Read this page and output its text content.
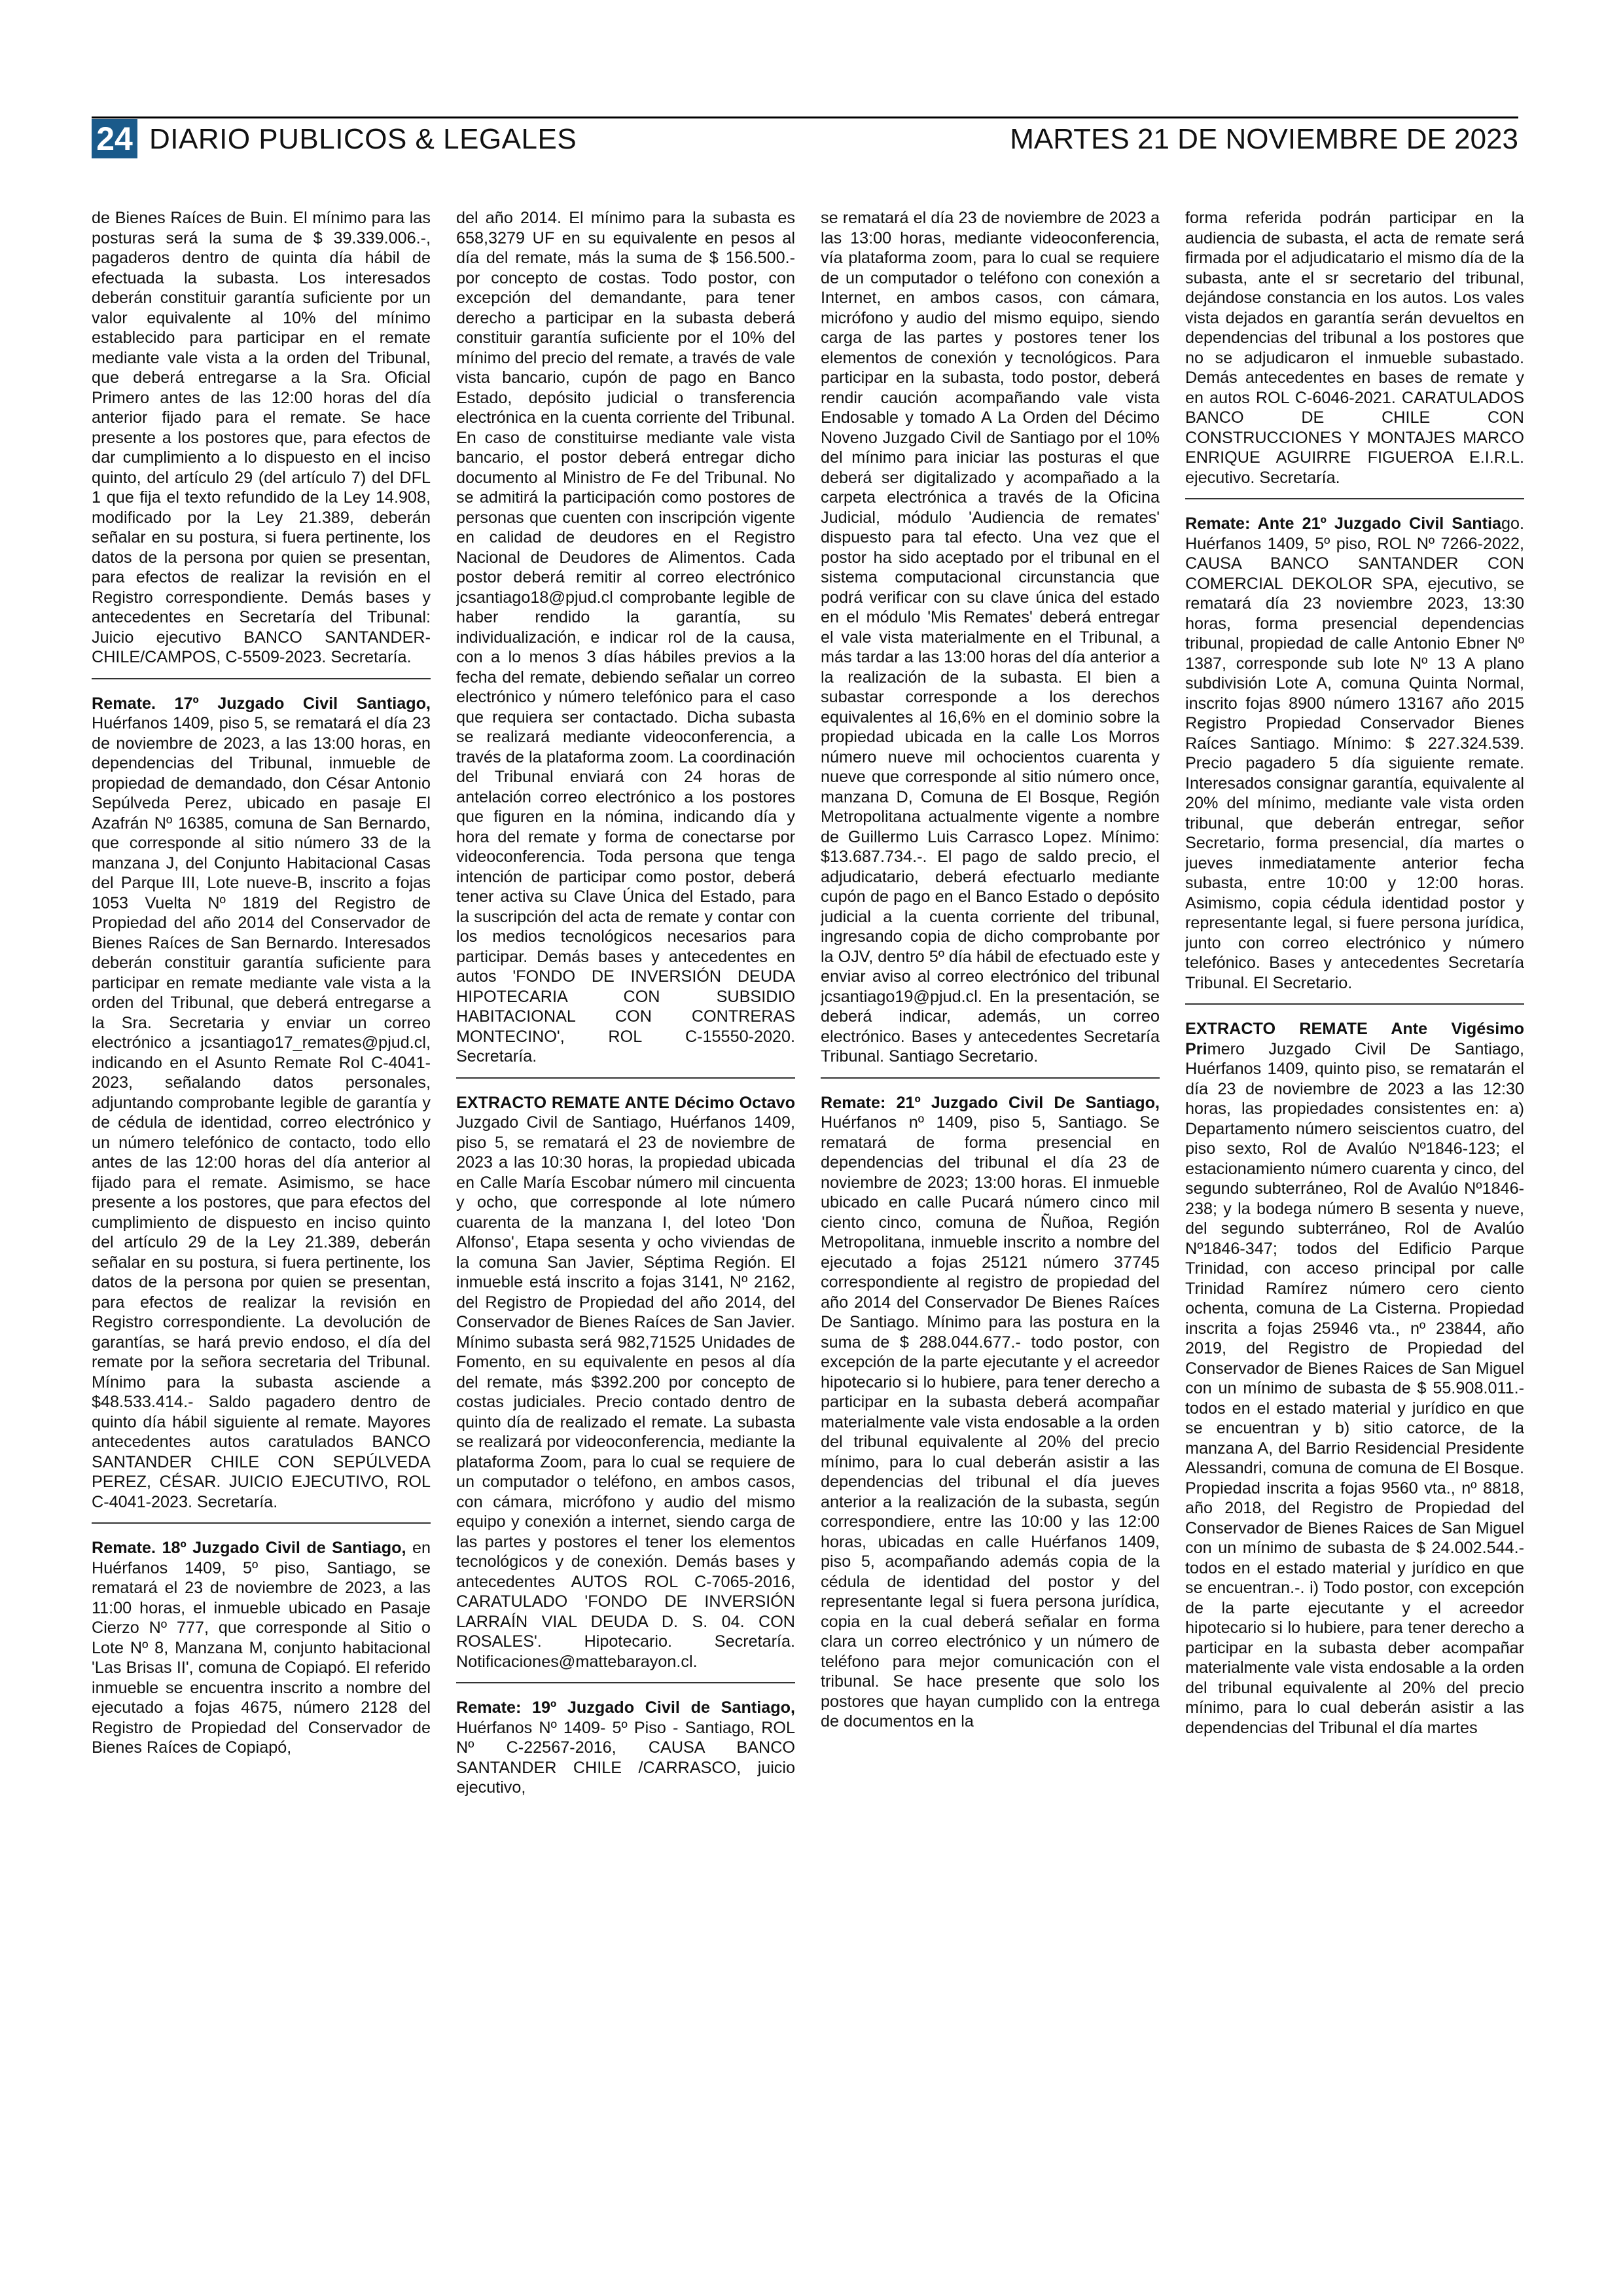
24 DIARIO PUBLICOS & LEGALES	MARTES 21 DE NOVIEMBRE DE 2023

de Bienes Raíces de Buin. El mínimo para las posturas será la suma de $ 39.339.006.-, pagaderos dentro de quinta día hábil de efectuada la subasta. Los interesados deberán constituir garantía suficiente por un valor equivalente al 10% del mínimo establecido para participar en el remate mediante vale vista a la orden del Tribunal, que deberá entregarse a la Sra. Oficial Primero antes de las 12:00 horas del día anterior fijado para el remate. Se hace presente a los postores que, para efectos de dar cumplimiento a lo dispuesto en el inciso quinto, del artículo 29 (del artículo 7) del DFL 1 que fija el texto refundido de la Ley 14.908, modificado por la Ley 21.389, deberán señalar en su postura, si fuera pertinente, los datos de la persona por quien se presentan, para efectos de realizar la revisión en el Registro correspondiente. Demás bases y antecedentes en Secretaría del Tribunal: Juicio ejecutivo BANCO SANTANDER- CHILE/CAMPOS, C-5509-2023. Secretaría.

Remate. 17º Juzgado Civil Santiago, Huérfanos 1409, piso 5, se rematará el día 23 de noviembre de 2023, a las 13:00 horas, en dependencias del Tribunal, inmueble de propiedad de demandado, don César Antonio Sepúlveda Perez, ubicado en pasaje El Azafrán Nº 16385, comuna de San Bernardo, que corresponde al sitio número 33 de la manzana J, del Conjunto Habitacional Casas del Parque III, Lote nueve-B, inscrito a fojas 1053 Vuelta Nº 1819 del Registro de Propiedad del año 2014 del Conservador de Bienes Raíces de San Bernardo. Interesados deberán constituir garantía suficiente para participar en remate mediante vale vista a la orden del Tribunal, que deberá entregarse a la Sra. Secretaria y enviar un correo electrónico a jcsantiago17_remates@pjud.cl, indicando en el Asunto Remate Rol C-4041-2023, señalando datos personales, adjuntando comprobante legible de garantía y de cédula de identidad, correo electrónico y un número telefónico de contacto, todo ello antes de las 12:00 horas del día anterior al fijado para el remate. Asimismo, se hace presente a los postores, que para efectos del cumplimiento de dispuesto en inciso quinto del artículo 29 de la Ley 21.389, deberán señalar en su postura, si fuera pertinente, los datos de la persona por quien se presentan, para efectos de realizar la revisión en Registro correspondiente. La devolución de garantías, se hará previo endoso, el día del remate por la señora secretaria del Tribunal. Mínimo para la subasta asciende a $48.533.414.- Saldo pagadero dentro de quinto día hábil siguiente al remate. Mayores antecedentes autos caratulados BANCO SANTANDER CHILE CON SEPÚLVEDA PEREZ, CÉSAR. JUICIO EJECUTIVO, ROL C-4041-2023. Secretaría.

Remate. 18º Juzgado Civil de Santiago, en Huérfanos 1409, 5º piso, Santiago, se rematará el 23 de noviembre de 2023, a las 11:00 horas, el inmueble ubicado en Pasaje Cierzo Nº 777, que corresponde al Sitio o Lote Nº 8, Manzana M, conjunto habitacional 'Las Brisas II', comuna de Copiapó. El referido inmueble se encuentra inscrito a nombre del ejecutado a fojas 4675, número 2128 del Registro de Propiedad del Conservador de Bienes Raíces de Copiapó,

del año 2014. El mínimo para la subasta es 658,3279 UF en su equivalente en pesos al día del remate, más la suma de $ 156.500.- por concepto de costas. Todo postor, con excepción del demandante, para tener derecho a participar en la subasta deberá constituir garantía suficiente por el 10% del mínimo del precio del remate, a través de vale vista bancario, cupón de pago en Banco Estado, depósito judicial o transferencia electrónica en la cuenta corriente del Tribunal. En caso de constituirse mediante vale vista bancario, el postor deberá entregar dicho documento al Ministro de Fe del Tribunal. No se admitirá la participación como postores de personas que cuenten con inscripción vigente en calidad de deudores en el Registro Nacional de Deudores de Alimentos. Cada postor deberá remitir al correo electrónico jcsantiago18@pjud.cl comprobante legible de haber rendido la garantía, su individualización, e indicar rol de la causa, con a lo menos 3 días hábiles previos a la fecha del remate, debiendo señalar un correo electrónico y número telefónico para el caso que requiera ser contactado. Dicha subasta se realizará mediante videoconferencia, a través de la plataforma zoom. La coordinación del Tribunal enviará con 24 horas de antelación correo electrónico a los postores que figuren en la nómina, indicando día y hora del remate y forma de conectarse por videoconferencia. Toda persona que tenga intención de participar como postor, deberá tener activa su Clave Única del Estado, para la suscripción del acta de remate y contar con los medios tecnológicos necesarios para participar. Demás bases y antecedentes en autos 'FONDO DE INVERSIÓN DEUDA HIPOTECARIA CON SUBSIDIO HABITACIONAL CON CONTRERAS MONTECINO', ROL C-15550-2020. Secretaría.

EXTRACTO REMATE ANTE Décimo Octavo Juzgado Civil de Santiago, Huérfanos 1409, piso 5, se rematará el 23 de noviembre de 2023 a las 10:30 horas, la propiedad ubicada en Calle María Escobar número mil cincuenta y ocho, que corresponde al lote número cuarenta de la manzana I, del loteo 'Don Alfonso', Etapa sesenta y ocho viviendas de la comuna San Javier, Séptima Región. El inmueble está inscrito a fojas 3141, Nº 2162, del Registro de Propiedad del año 2014, del Conservador de Bienes Raíces de San Javier. Mínimo subasta será 982,71525 Unidades de Fomento, en su equivalente en pesos al día del remate, más $392.200 por concepto de costas judiciales. Precio contado dentro de quinto día de realizado el remate. La subasta se realizará por videoconferencia, mediante la plataforma Zoom, para lo cual se requiere de un computador o teléfono, en ambos casos, con cámara, micrófono y audio del mismo equipo y conexión a internet, siendo carga de las partes y postores el tener los elementos tecnológicos y de conexión. Demás bases y antecedentes AUTOS ROL C-7065-2016, CARATULADO 'FONDO DE INVERSIÓN LARRAÍN VIAL DEUDA D. S. 04. CON ROSALES'. Hipotecario. Secretaría. Notificaciones@mattebarayon.cl.

Remate: 19º Juzgado Civil de Santiago, Huérfanos Nº 1409- 5º Piso - Santiago, ROL Nº C-22567-2016, CAUSA BANCO SANTANDER CHILE /CARRASCO, juicio ejecutivo,

se rematará el día 23 de noviembre de 2023 a las 13:00 horas, mediante videoconferencia, vía plataforma zoom, para lo cual se requiere de un computador o teléfono con conexión a Internet, en ambos casos, con cámara, micrófono y audio del mismo equipo, siendo carga de las partes y postores tener los elementos de conexión y tecnológicos. Para participar en la subasta, todo postor, deberá rendir caución acompañando vale vista Endosable y tomado A La Orden del Décimo Noveno Juzgado Civil de Santiago por el 10% del mínimo para iniciar las posturas el que deberá ser digitalizado y acompañado a la carpeta electrónica a través de la Oficina Judicial, módulo 'Audiencia de remates' dispuesto para tal efecto. Una vez que el postor ha sido aceptado por el tribunal en el sistema computacional circunstancia que podrá verificar con su clave única del estado en el módulo 'Mis Remates' deberá entregar el vale vista materialmente en el Tribunal, a más tardar a las 13:00 horas del día anterior a la realización de la subasta. El bien a subastar corresponde a los derechos equivalentes al 16,6% en el dominio sobre la propiedad ubicada en la calle Los Morros número nueve mil ochocientos cuarenta y nueve que corresponde al sitio número once, manzana D, Comuna de El Bosque, Región Metropolitana actualmente vigente a nombre de Guillermo Luis Carrasco Lopez. Mínimo: $13.687.734.-. El pago de saldo precio, el adjudicatario, deberá efectuarlo mediante cupón de pago en el Banco Estado o depósito judicial a la cuenta corriente del tribunal, ingresando copia de dicho comprobante por la OJV, dentro 5º día hábil de efectuado este y enviar aviso al correo electrónico del tribunal jcsantiago19@pjud.cl. En la presentación, se deberá indicar, además, un correo electrónico. Bases y antecedentes Secretaría Tribunal. Santiago Secretario.

Remate: 21º Juzgado Civil De Santiago, Huérfanos nº 1409, piso 5, Santiago. Se rematará de forma presencial en dependencias del tribunal el día 23 de noviembre de 2023; 13:00 horas. El inmueble ubicado en calle Pucará número cinco mil ciento cinco, comuna de Ñuñoa, Región Metropolitana, inmueble inscrito a nombre del ejecutado a fojas 25121 número 37745 correspondiente al registro de propiedad del año 2014 del Conservador De Bienes Raíces De Santiago. Mínimo para las postura en la suma de $ 288.044.677.- todo postor, con excepción de la parte ejecutante y el acreedor hipotecario si lo hubiere, para tener derecho a participar en la subasta deberá acompañar materialmente vale vista endosable a la orden del tribunal equivalente al 20% del precio mínimo, para lo cual deberán asistir a las dependencias del tribunal el día jueves anterior a la realización de la subasta, según correspondiere, entre las 10:00 y las 12:00 horas, ubicadas en calle Huérfanos 1409, piso 5, acompañando además copia de la cédula de identidad del postor y del representante legal si fuera persona jurídica, copia en la cual deberá señalar en forma clara un correo electrónico y un número de teléfono para mejor comunicación con el tribunal. Se hace presente que solo los postores que hayan cumplido con la entrega de documentos en la

forma referida podrán participar en la audiencia de subasta, el acta de remate será firmada por el adjudicatario el mismo día de la subasta, ante el sr secretario del tribunal, dejándose constancia en los autos. Los vales vista dejados en garantía serán devueltos en dependencias del tribunal a los postores que no se adjudicaron el inmueble subastado. Demás antecedentes en bases de remate y en autos ROL C-6046-2021. CARATULADOS BANCO DE CHILE CON CONSTRUCCIONES Y MONTAJES MARCO ENRIQUE AGUIRRE FIGUEROA E.I.R.L. ejecutivo. Secretaría.

Remate: Ante 21º Juzgado Civil Santiago. Huérfanos 1409, 5º piso, ROL Nº 7266-2022, CAUSA BANCO SANTANDER CON COMERCIAL DEKOLOR SPA, ejecutivo, se rematará día 23 noviembre 2023, 13:30 horas, forma presencial dependencias tribunal, propiedad de calle Antonio Ebner Nº 1387, corresponde sub lote Nº 13 A plano subdivisión Lote A, comuna Quinta Normal, inscrito fojas 8900 número 13167 año 2015 Registro Propiedad Conservador Bienes Raíces Santiago. Mínimo: $ 227.324.539. Precio pagadero 5 día siguiente remate. Interesados consignar garantía, equivalente al 20% del mínimo, mediante vale vista orden tribunal, que deberán entregar, señor Secretario, forma presencial, día martes o jueves inmediatamente anterior fecha subasta, entre 10:00 y 12:00 horas. Asimismo, copia cédula identidad postor y representante legal, si fuere persona jurídica, junto con correo electrónico y número telefónico. Bases y antecedentes Secretaría Tribunal. El Secretario.

EXTRACTO REMATE Ante Vigésimo Primero Juzgado Civil De Santiago, Huérfanos 1409, quinto piso, se rematarán el día 23 de noviembre de 2023 a las 12:30 horas, las propiedades consistentes en: a) Departamento número seiscientos cuatro, del piso sexto, Rol de Avalúo Nº1846-123; el estacionamiento número cuarenta y cinco, del segundo subterráneo, Rol de Avalúo Nº1846-238; y la bodega número B sesenta y nueve, del segundo subterráneo, Rol de Avalúo Nº1846-347; todos del Edificio Parque Trinidad, con acceso principal por calle Trinidad Ramírez número cero ciento ochenta, comuna de La Cisterna. Propiedad inscrita a fojas 25946 vta., nº 23844, año 2019, del Registro de Propiedad del Conservador de Bienes Raices de San Miguel con un mínimo de subasta de $ 55.908.011.- todos en el estado material y jurídico en que se encuentran y b) sitio catorce, de la manzana A, del Barrio Residencial Presidente Alessandri, comuna de comuna de El Bosque. Propiedad inscrita a fojas 9560 vta., nº 8818, año 2018, del Registro de Propiedad del Conservador de Bienes Raices de San Miguel con un mínimo de subasta de $ 24.002.544.- todos en el estado material y jurídico en que se encuentran.-. i) Todo postor, con excepción de la parte ejecutante y el acreedor hipotecario si lo hubiere, para tener derecho a participar en la subasta deber acompañar materialmente vale vista endosable a la orden del tribunal equivalente al 20% del precio mínimo, para lo cual deberán asistir a las dependencias del Tribunal el día martes
